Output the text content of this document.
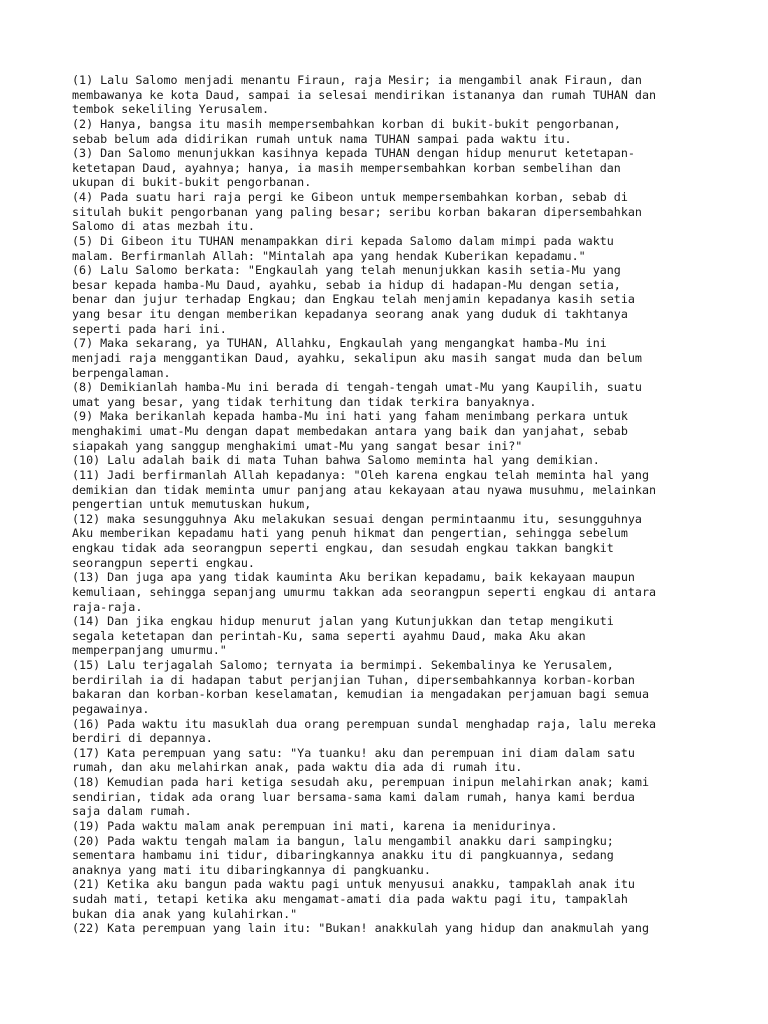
(1) Lalu Salomo menjadi menantu Firaun, raja Mesir; ia mengambil anak Firaun, dan
membawanya ke kota Daud, sampai ia selesai mendirikan istananya dan rumah TUHAN dan
tembok sekeliling Yerusalem.
(2) Hanya, bangsa itu masih mempersembahkan korban di bukit-bukit pengorbanan,
sebab belum ada didirikan rumah untuk nama TUHAN sampai pada waktu itu.
(3) Dan Salomo menunjukkan kasihnya kepada TUHAN dengan hidup menurut ketetapan-
ketetapan Daud, ayahnya; hanya, ia masih mempersembahkan korban sembelihan dan
ukupan di bukit-bukit pengorbanan.
(4) Pada suatu hari raja pergi ke Gibeon untuk mempersembahkan korban, sebab di
situlah bukit pengorbanan yang paling besar; seribu korban bakaran dipersembahkan
Salomo di atas mezbah itu.
(5) Di Gibeon itu TUHAN menampakkan diri kepada Salomo dalam mimpi pada waktu
malam. Berfirmanlah Allah: "Mintalah apa yang hendak Kuberikan kepadamu."
(6) Lalu Salomo berkata: "Engkaulah yang telah menunjukkan kasih setia-Mu yang
besar kepada hamba-Mu Daud, ayahku, sebab ia hidup di hadapan-Mu dengan setia,
benar dan jujur terhadap Engkau; dan Engkau telah menjamin kepadanya kasih setia
yang besar itu dengan memberikan kepadanya seorang anak yang duduk di takhtanya
seperti pada hari ini.
(7) Maka sekarang, ya TUHAN, Allahku, Engkaulah yang mengangkat hamba-Mu ini
menjadi raja menggantikan Daud, ayahku, sekalipun aku masih sangat muda dan belum
berpengalaman.
(8) Demikianlah hamba-Mu ini berada di tengah-tengah umat-Mu yang Kaupilih, suatu
umat yang besar, yang tidak terhitung dan tidak terkira banyaknya.
(9) Maka berikanlah kepada hamba-Mu ini hati yang faham menimbang perkara untuk
menghakimi umat-Mu dengan dapat membedakan antara yang baik dan yanjahat, sebab
siapakah yang sanggup menghakimi umat-Mu yang sangat besar ini?"
(10) Lalu adalah baik di mata Tuhan bahwa Salomo meminta hal yang demikian.
(11) Jadi berfirmanlah Allah kepadanya: "Oleh karena engkau telah meminta hal yang
demikian dan tidak meminta umur panjang atau kekayaan atau nyawa musuhmu, melainkan
pengertian untuk memutuskan hukum,
(12) maka sesungguhnya Aku melakukan sesuai dengan permintaanmu itu, sesungguhnya
Aku memberikan kepadamu hati yang penuh hikmat dan pengertian, sehingga sebelum
engkau tidak ada seorangpun seperti engkau, dan sesudah engkau takkan bangkit
seorangpun seperti engkau.
(13) Dan juga apa yang tidak kauminta Aku berikan kepadamu, baik kekayaan maupun
kemuliaan, sehingga sepanjang umurmu takkan ada seorangpun seperti engkau di antara
raja-raja.
(14) Dan jika engkau hidup menurut jalan yang Kutunjukkan dan tetap mengikuti
segala ketetapan dan perintah-Ku, sama seperti ayahmu Daud, maka Aku akan
memperpanjang umurmu."
(15) Lalu terjagalah Salomo; ternyata ia bermimpi. Sekembalinya ke Yerusalem,
berdirilah ia di hadapan tabut perjanjian Tuhan, dipersembahkannya korban-korban
bakaran dan korban-korban keselamatan, kemudian ia mengadakan perjamuan bagi semua
pegawainya.
(16) Pada waktu itu masuklah dua orang perempuan sundal menghadap raja, lalu mereka
berdiri di depannya.
(17) Kata perempuan yang satu: "Ya tuanku! aku dan perempuan ini diam dalam satu
rumah, dan aku melahirkan anak, pada waktu dia ada di rumah itu.
(18) Kemudian pada hari ketiga sesudah aku, perempuan inipun melahirkan anak; kami
sendirian, tidak ada orang luar bersama-sama kami dalam rumah, hanya kami berdua
saja dalam rumah.
(19) Pada waktu malam anak perempuan ini mati, karena ia menidurinya.
(20) Pada waktu tengah malam ia bangun, lalu mengambil anakku dari sampingku;
sementara hambamu ini tidur, dibaringkannya anakku itu di pangkuannya, sedang
anaknya yang mati itu dibaringkannya di pangkuanku.
(21) Ketika aku bangun pada waktu pagi untuk menyusui anakku, tampaklah anak itu
sudah mati, tetapi ketika aku mengamat-amati dia pada waktu pagi itu, tampaklah
bukan dia anak yang kulahirkan."
(22) Kata perempuan yang lain itu: "Bukan! anakkulah yang hidup dan anakmulah yang
